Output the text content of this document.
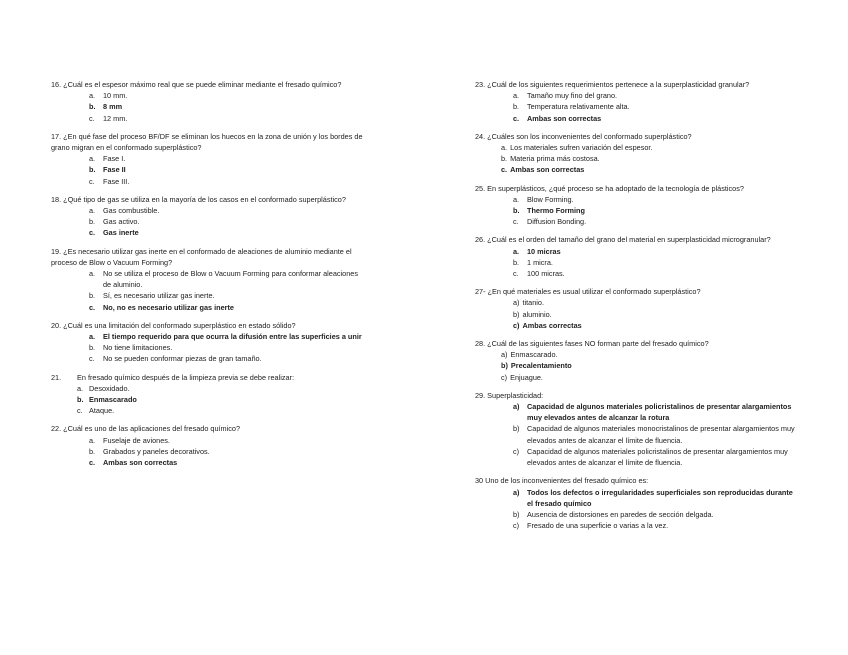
16. ¿Cuál es el espesor máximo real que se puede eliminar mediante el fresado químico?

a. 10 mm.
b. 8 mm
c. 12 mm.

17. ¿En qué fase del proceso BF/DF se eliminan los huecos en la zona de unión y los bordes de grano migran en el conformado superplástico?

a. Fase I.
b. Fase II
c. Fase III.

18. ¿Qué tipo de gas se utiliza en la mayoría de los casos en el conformado superplástico?

a. Gas combustible.
b. Gas activo.
c. Gas inerte

19. ¿Es necesario utilizar gas inerte en el conformado de aleaciones de aluminio mediante el proceso de Blow o Vacuum Forming?

a. No se utiliza el proceso de Blow o Vacuum Forming para conformar aleaciones de aluminio.
b. Sí, es necesario utilizar gas inerte.
c. No, no es necesario utilizar gas inerte

20. ¿Cuál es una limitación del conformado superplástico en estado sólido?

a. El tiempo requerido para que ocurra la difusión entre las superficies a unir
b. No tiene limitaciones.
c. No se pueden conformar piezas de gran tamaño.

21. En fresado químico después de la limpieza previa se debe realizar:

a. Desoxidado.
b. Enmascarado
c. Ataque.

22. ¿Cuál es uno de las aplicaciones del fresado químico?

a. Fuselaje de aviones.
b. Grabados y paneles decorativos.
c. Ambas son correctas

23. ¿Cuál de los siguientes requerimientos pertenece a la superplasticidad granular?

a. Tamaño muy fino del grano.
b. Temperatura relativamente alta.
c. Ambas son correctas

24. ¿Cuáles son los inconvenientes del conformado superplástico?

a. Los materiales sufren variación del espesor.
b. Materia prima más costosa.
c. Ambas son correctas

25. En superplásticos, ¿qué proceso se ha adoptado de la tecnología de plásticos?

a. Blow Forming.
b. Thermo Forming
c. Diffusion Bonding.

26. ¿Cuál es el orden del tamaño del grano del material en superplasticidad microgranular?

a. 10 micras
b. 1 micra.
c. 100 micras.

27- ¿En qué materiales es usual utilizar el conformado superplástico?

a) titanio.
b) aluminio.
c) Ambas correctas

28. ¿Cuál de las siguientes fases NO forman parte del fresado químico?

a) Enmascarado.
b) Precalentamiento
c) Enjuague.

29. Superplasticidad:

a) Capacidad de algunos materiales policristalinos de presentar alargamientos muy elevados antes de alcanzar la rotura
b) Capacidad de algunos materiales monocristalinos de presentar alargamientos muy elevados antes de alcanzar el límite de fluencia.
c) Capacidad de algunos materiales policristalinos de presentar alargamientos muy elevados antes de alcanzar el límite de fluencia.

30 Uno de los inconvenientes del fresado químico es:

a) Todos los defectos o irregularidades superficiales son reproducidas durante el fresado químico
b) Ausencia de distorsiones en paredes de sección delgada.
c) Fresado de una superficie o varias a la vez.
